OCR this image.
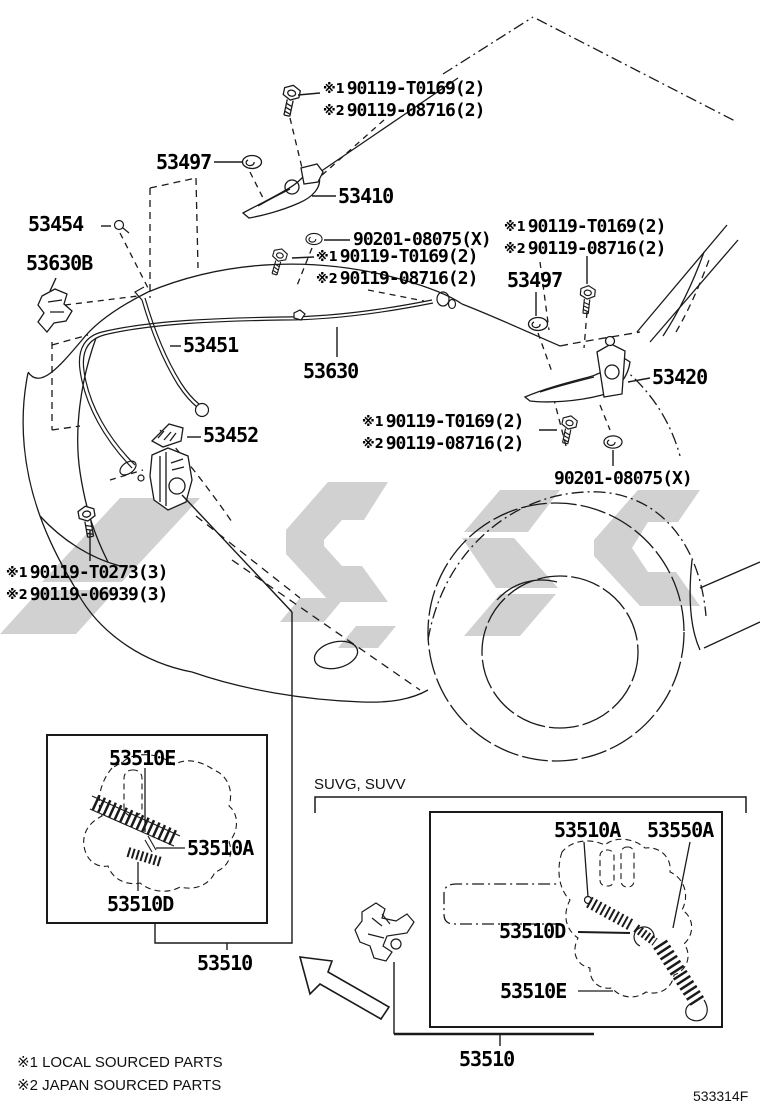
※1 90119-T0169(2)
※2 90119-08716(2)
53497
53410
53454
53630B
90201-08075(X)
※1 90119-T0169(2)
※2 90119-08716(2)
※1 90119-T0169(2)
※2 90119-08716(2)
53497
53451
53630	53420
53452
※1 90119-T0169(2)
※2 90119-08716(2)
90201-08075(X)
※1 90119-T0273(3)
※2 90119-06939(3)
53510E
53510A
53510D
53510
SUVG, SUVV
53510A 53550A
53510D
53510E
53510
※1 LOCAL SOURCED PARTS
※2 JAPAN SOURCED PARTS
533314F
